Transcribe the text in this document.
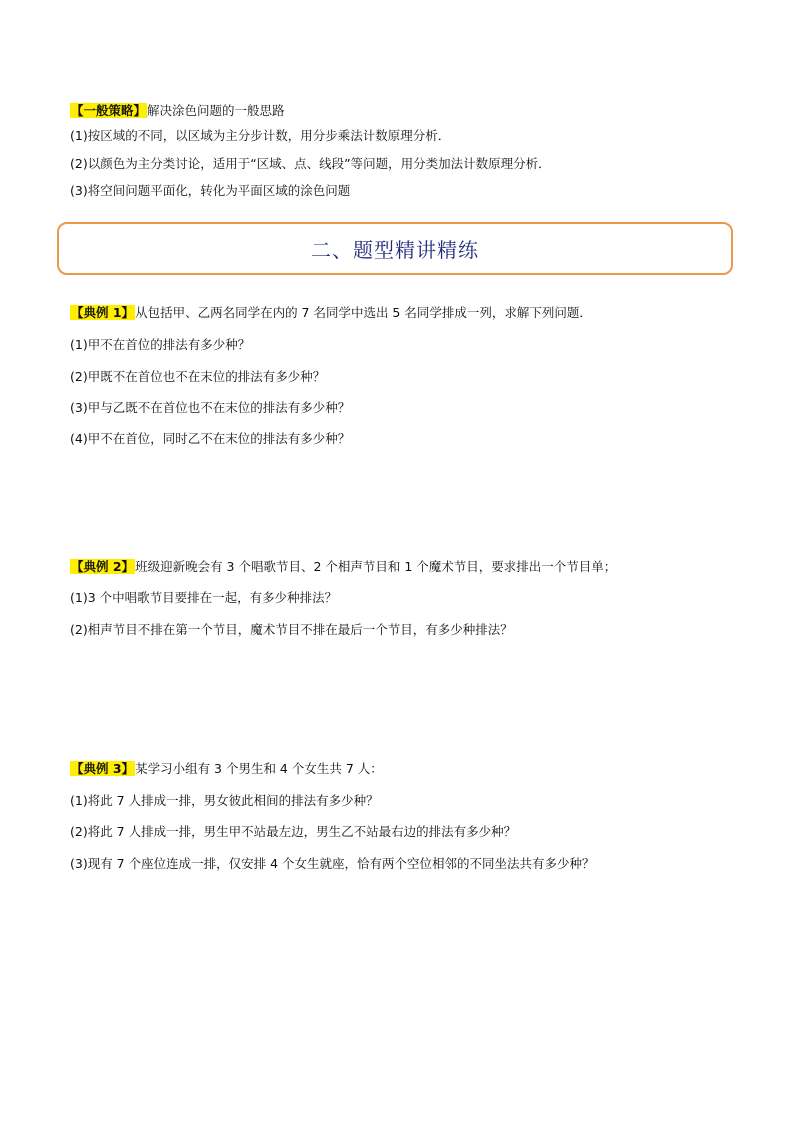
【一般策略】解决涂色问题的一般思路
(1)按区域的不同，以区域为主分步计数，用分步乘法计数原理分析．
(2)以颜色为主分类讨论，适用于“区域、点、线段”等问题，用分类加法计数原理分析．
(3)将空间问题平面化，转化为平面区域的涂色问题
二、题型精讲精练
【典例 1】从包括甲、乙两名同学在内的 7 名同学中选出 5 名同学排成一列，求解下列问题．
(1)甲不在首位的排法有多少种？
(2)甲既不在首位也不在末位的排法有多少种？
(3)甲与乙既不在首位也不在末位的排法有多少种？
(4)甲不在首位，同时乙不在末位的排法有多少种？
【典例 2】班级迎新晚会有 3 个唱歌节目、2 个相声节目和 1 个魔术节目，要求排出一个节目单；
(1)3 个中唱歌节目要排在一起，有多少种排法？
(2)相声节目不排在第一个节目，魔术节目不排在最后一个节目，有多少种排法？
【典例 3】某学习小组有 3 个男生和 4 个女生共 7 人：
(1)将此 7 人排成一排，男女彼此相间的排法有多少种？
(2)将此 7 人排成一排，男生甲不站最左边，男生乙不站最右边的排法有多少种？
(3)现有 7 个座位连成一排，仅安排 4 个女生就座，恰有两个空位相邻的不同坐法共有多少种？
